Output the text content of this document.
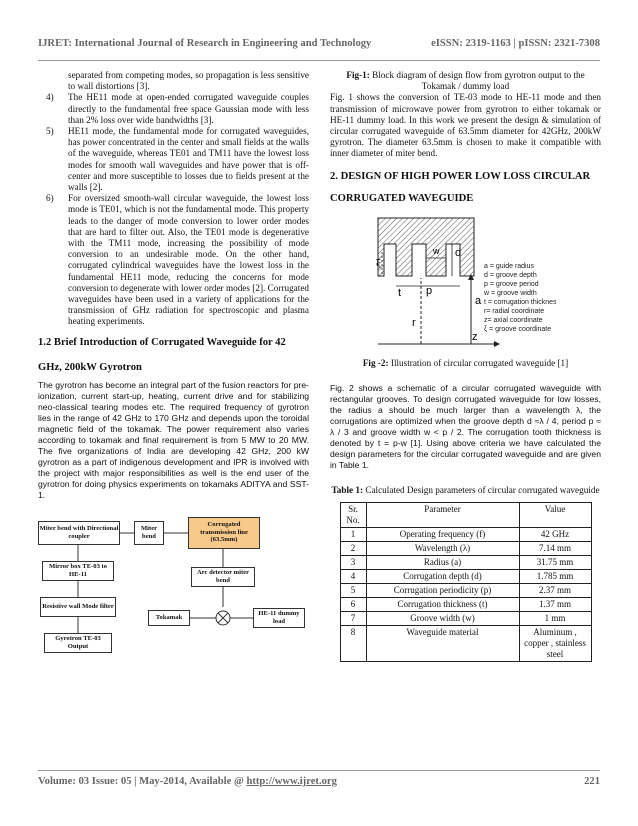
IJRET: International Journal of Research in Engineering and Technology	eISSN: 2319-1163 | pISSN: 2321-7308
separated from competing modes, so propagation is less sensitive to wall distortions [3].
4) The HE11 mode at open-ended corrugated waveguide couples directly to the fundamental free space Gaussian mode with less than 2% loss over wide bandwidths [3].
5) HE11 mode, the fundamental mode for corrugated waveguides, has power concentrated in the center and small fields at the walls of the waveguide, whereas TE01 and TM11 have the lowest loss modes for smooth wall waveguides and have power that is off-center and more susceptible to losses due to fields present at the walls [2].
6) For oversized smooth-wall circular waveguide, the lowest loss mode is TE01, which is not the fundamental mode. This property leads to the danger of mode conversion to lower order modes that are hard to filter out. Also, the TE01 mode is degenerative with the TM11 mode, increasing the possibility of mode conversion to an undesirable mode. On the other hand, corrugated cylindrical waveguides have the lowest loss in the fundamental HE11 mode, reducing the concerns for mode conversion to degenerate with lower order modes [2]. Corrugated waveguides have been used in a variety of applications for the transmission of GHz radiation for spectroscopic and plasma heating experiments.
1.2 Brief Introduction of Corrugated Waveguide for 42 GHz, 200kW Gyrotron
The gyrotron has become an integral part of the fusion reactors for pre-ionization, current start-up, heating, current drive and for stabilizing neo-classical tearing modes etc. The required frequency of gyrotron lies in the range of 42 GHz to 170 GHz and depends upon the toroidal magnetic field of the tokamak. The power requirement also varies according to tokamak and final requirement is from 5 MW to 20 MW. The five organizations of India are developing 42 GHz, 200 kW gyrotron as a part of indigenous development and IPR is involved with the project with major responsibilities as well is the end user of the gyrotron for doing physics experiments on tokamaks ADITYA and SST-1.
Miter bend with Directional coupler
Miter bend
Corrugated transmission line (63.5mm)
Mirror box TE-03 to HE-11	Arc detector miter bend
Resistive wall Mode filter
Tokamak
HE-11 dummy load
Gyrotron TE-03 Output
Fig-1: Block diagram of design flow from gyrotron output to the Tokamak / dummy load
Fig. 1 shows the conversion of TE-03 mode to HE-11 mode and then transmission of microwave power from gyrotron to either tokamak or HE-11 dummy load. In this work we present the design & simulation of circular corrugated waveguide of 63.5mm diameter for 42GHz, 200kW gyrotron. The diameter 63.5mm is chosen to make it compatible with inner diameter of miter bend.
2. DESIGN OF HIGH POWER LOW LOSS CIRCULAR CORRUGATED WAVEGUIDE
w d
t p
a
r
z
ξ	a = guide radius
d = groove depth
p = groove period
w = groove width
t = corrugation thickness
r= radial coordinate
z= axial coordinate
ξ = groove coordinate
Fig -2: Illustration of circular corrugated waveguide [1]
Fig. 2 shows a schematic of a circular corrugated waveguide with rectangular grooves. To design corrugated waveguide for low losses, the radius a should be much larger than a wavelength λ, the corrugations are optimized when the groove depth d ≈λ / 4, period p ≈ λ / 3 and groove width w < p / 2. The corrugation tooth thickness is denoted by t = p-w [1]. Using above criteria we have calculated the design parameters for the circular corrugated waveguide and are given in Table 1.
Table 1: Calculated Design parameters of circular corrugated waveguide
Sr. No.	Parameter	Value
1	Operating frequency (f)	42 GHz
2	Wavelength (λ)	7.14 mm
3	Radius (a)	31.75 mm
4	Corrugation depth (d)	1.785 mm
5	Corrugation periodicity (p)	2.37 mm
6	Corrugation thickness (t)	1.37 mm
7	Groove width (w)	1 mm
8	Waveguide material	Aluminum , copper , stainless steel
Volume: 03 Issue: 05 | May-2014, Available @ http://www.ijret.org	221
